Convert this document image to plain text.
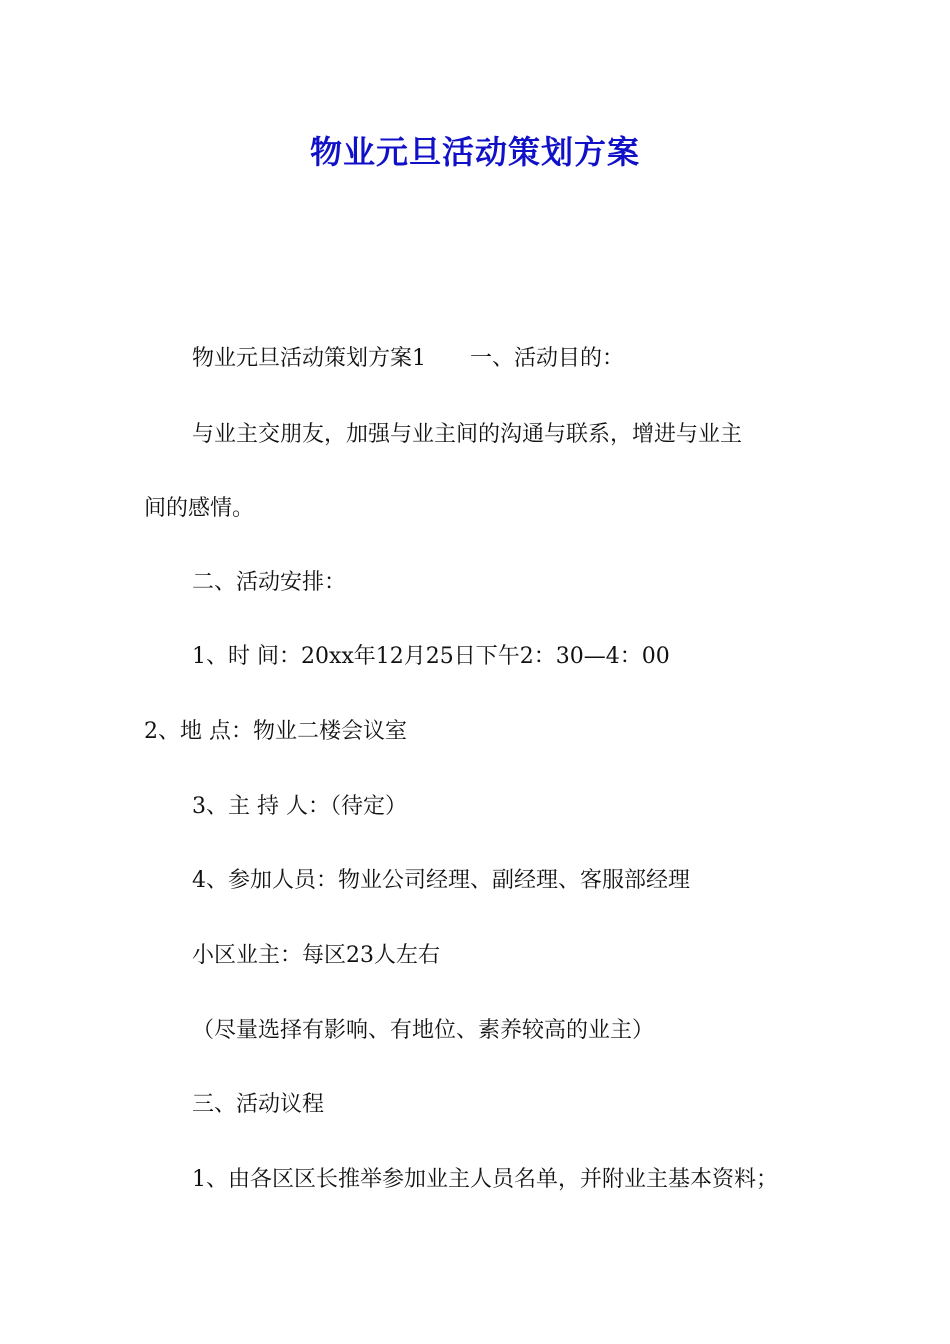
物业元旦活动策划方案
物业元旦活动策划方案1　　一、活动目的：
与业主交朋友，加强与业主间的沟通与联系，增进与业主
间的感情。
二、活动安排：
1、时 间：20xx年12月25日下午2：30—4：00
2、地 点：物业二楼会议室
3、主 持 人：（待定）
4、参加人员：物业公司经理、副经理、客服部经理
小区业主：每区23人左右
（尽量选择有影响、有地位、素养较高的业主）
三、活动议程
1、由各区区长推举参加业主人员名单，并附业主基本资料；
